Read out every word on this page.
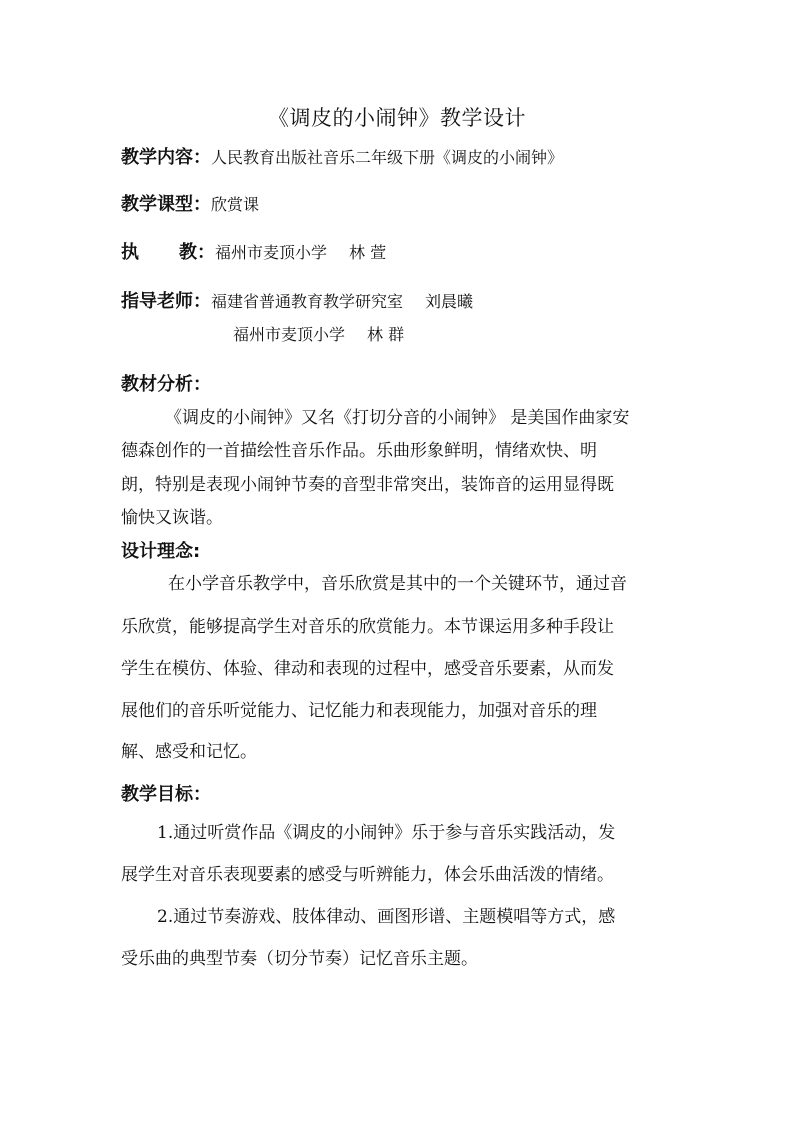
《调皮的小闹钟》教学设计
教学内容：人民教育出版社音乐二年级下册《调皮的小闹钟》
教学课型：欣赏课
执 教：福州市麦顶小学 林 萱
指导老师：福建省普通教育教学研究室 刘晨曦
福州市麦顶小学 林 群
教材分析：
《调皮的小闹钟》又名《打切分音的小闹钟》 是美国作曲家安
德森创作的一首描绘性音乐作品。乐曲形象鲜明，情绪欢快、明
朗，特别是表现小闹钟节奏的音型非常突出，装饰音的运用显得既
愉快又诙谐。
设计理念:
在小学音乐教学中，音乐欣赏是其中的一个关键环节，通过音
乐欣赏，能够提高学生对音乐的欣赏能力。本节课运用多种手段让
学生在模仿、体验、律动和表现的过程中，感受音乐要素，从而发
展他们的音乐听觉能力、记忆能力和表现能力，加强对音乐的理
解、感受和记忆。
教学目标：
1.通过听赏作品《调皮的小闹钟》乐于参与音乐实践活动，发
展学生对音乐表现要素的感受与听辨能力，体会乐曲活泼的情绪。
2.通过节奏游戏、肢体律动、画图形谱、主题模唱等方式，感
受乐曲的典型节奏（切分节奏）记忆音乐主题。
